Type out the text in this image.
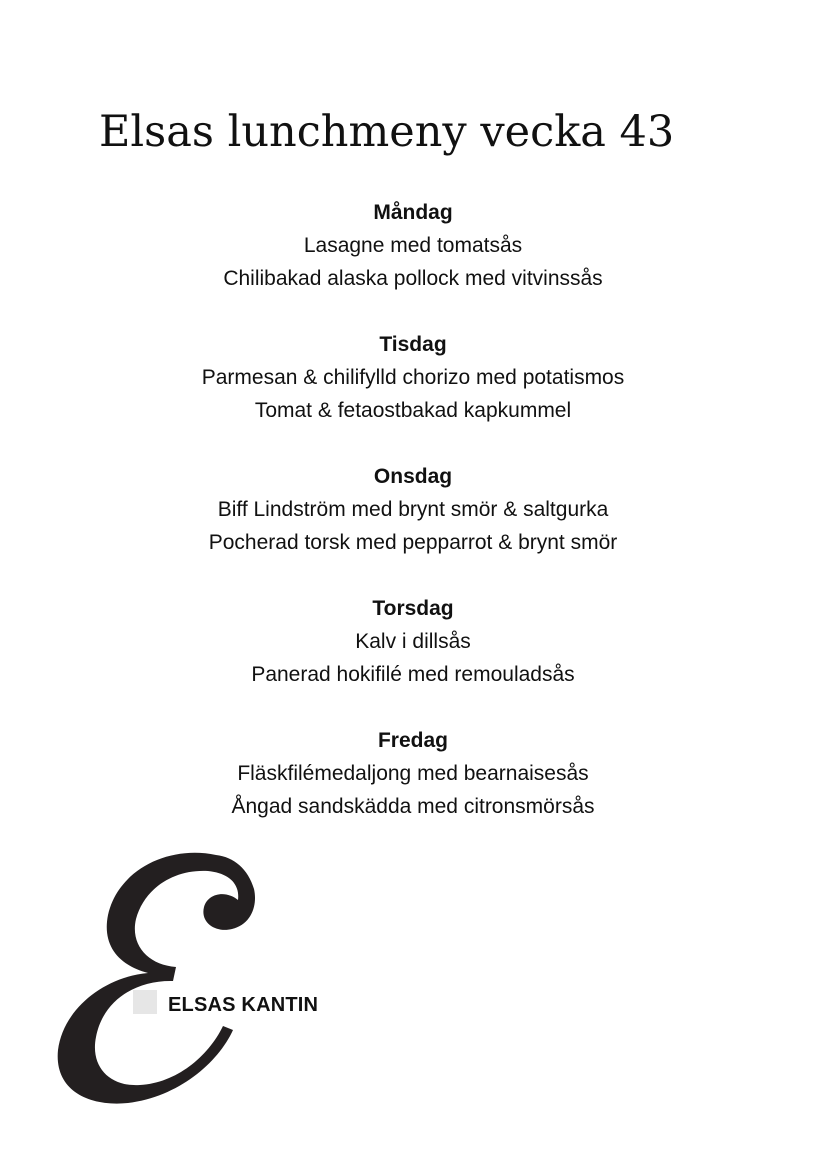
Elsas lunchmeny vecka 43
Måndag
Lasagne med tomatsås
Chilibakad alaska pollock med vitvinssås
Tisdag
Parmesan & chilifylld chorizo med potatismos
Tomat & fetaostbakad kapkummel
Onsdag
Biff Lindström med brynt smör & saltgurka
Pocherad torsk med pepparrot & brynt smör
Torsdag
Kalv i dillsås
Panerad hokifilé med remouladsås
Fredag
Fläskfilémedaljong med bearnaisesås
Ångad sandskädda med citronsmörsås
ELSAS KANTIN
